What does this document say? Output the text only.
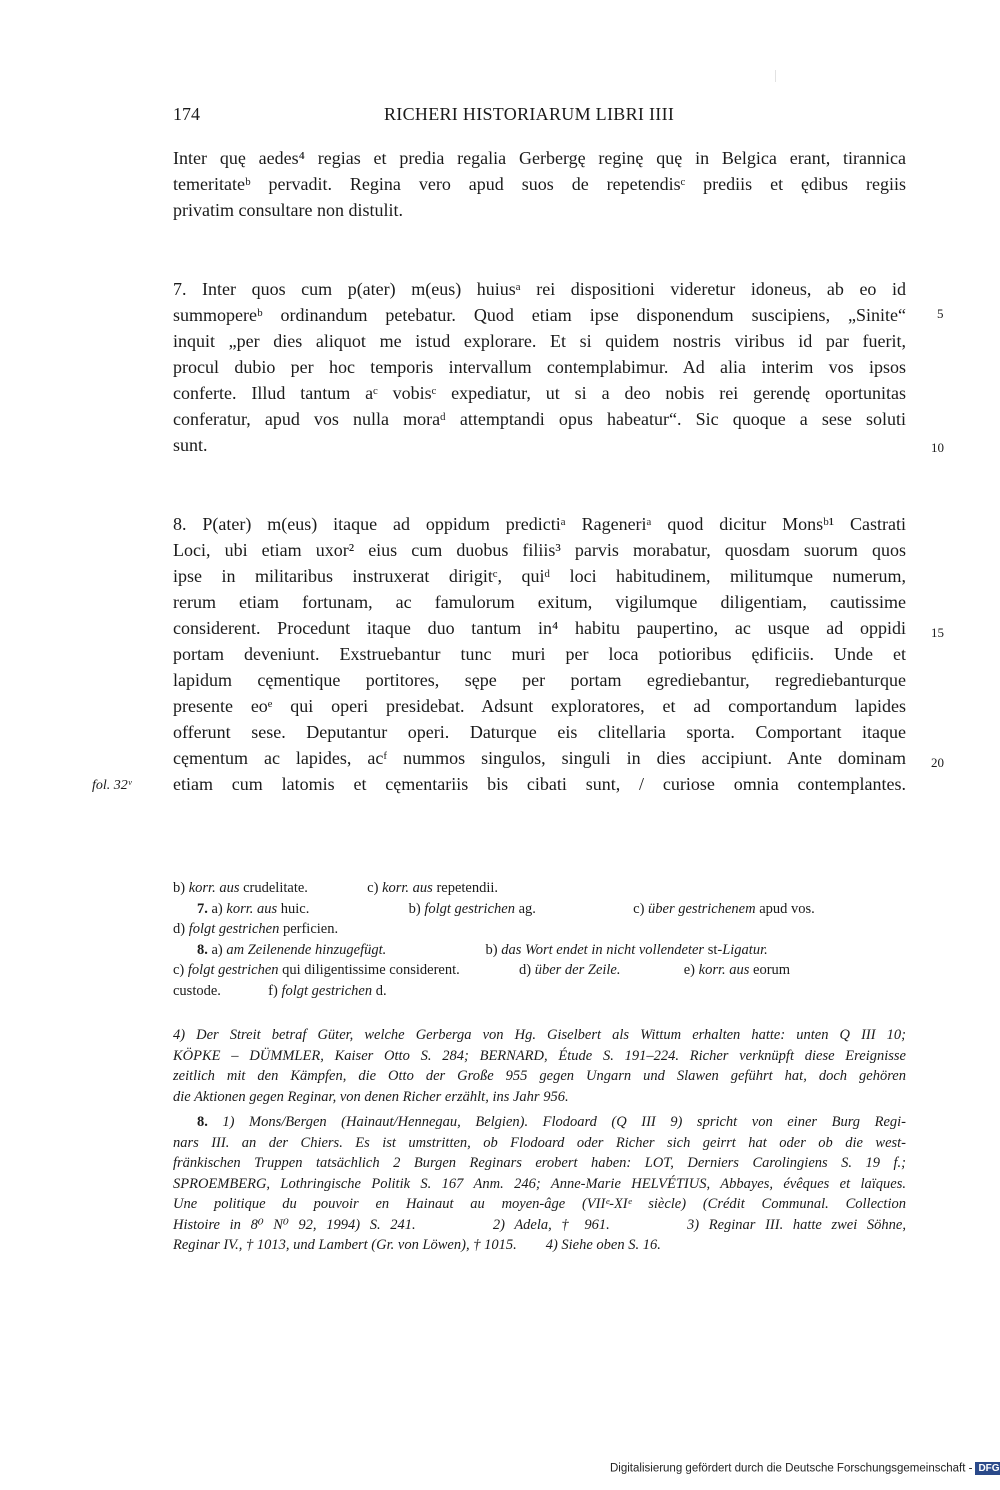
174	RICHERI HISTORIARUM LIBRI IIII
Inter quę aedes⁴ regias et predia regalia Gerbergę reginę quę in Belgica erant, tirannica
temeritateᵇ pervadit. Regina vero apud suos de repetendisᶜ prediis et ędibus regiis
privatim consultare non distulit.
7. Inter quos cum p(ater) m(eus) huiusᵃ rei dispositioni videretur idoneus, ab eo id
summopereᵇ ordinandum petebatur. Quod etiam ipse disponendum suscipiens, „Sinite“
inquit „per dies aliquot me istud explorare. Et si quidem nostris viribus id par fuerit,
procul dubio per hoc temporis intervallum contemplabimur. Ad alia interim vos ipsos
conferte. Illud tantum aᶜ vobisᶜ expediatur, ut si a deo nobis rei gerendę oportunitas
conferatur, apud vos nulla moraᵈ attemptandi opus habeatur“. Sic quoque a sese soluti
sunt.
8. P(ater) m(eus) itaque ad oppidum predictiᵃ Rageneriᵃ quod dicitur Monsᵇ¹ Castrati
Loci, ubi etiam uxor² eius cum duobus filiis³ parvis morabatur, quosdam suorum quos
ipse in militaribus instruxerat dirigitᶜ, quiᵈ loci habitudinem, militumque numerum,
rerum etiam fortunam, ac famulorum exitum, vigilumque diligentiam, cautissime
considerent. Procedunt itaque duo tantum in⁴ habitu paupertino, ac usque ad oppidi
portam deveniunt. Exstruebantur tunc muri per loca potioribus ędificiis. Unde et
lapidum cęmentique portitores, sępe per portam egrediebantur, regrediebanturque
presente eoᵉ qui operi presidebat. Adsunt exploratores, et ad comportandum lapides
offerunt sese. Deputantur operi. Daturque eis clitellaria sporta. Comportant itaque
cęmentum ac lapides, acᶠ nummos singulos, singuli in dies accipiunt. Ante dominam
etiam cum latomis et cęmentariis bis cibati sunt, / curiose omnia contemplantes.
5
10
15
20
fol. 32ᵛ
b) korr. aus crudelitate.	c) korr. aus repetendii.
7. a) korr. aus huic.	b) folgt gestrichen ag.	c) über gestrichenem apud vos.
d) folgt gestrichen perficien.
8. a) am Zeilenende hinzugefügt.	b) das Wort endet in nicht vollendeter st-Ligatur.
c) folgt gestrichen qui diligentissime considerent.	d) über der Zeile.	e) korr. aus eorum
custode.	f) folgt gestrichen d.
4) Der Streit betraf Güter, welche Gerberga von Hg. Giselbert als Wittum erhalten hatte: unten Q III 10;
KÖPKE – DÜMMLER, Kaiser Otto S. 284; BERNARD, Étude S. 191–224. Richer verknüpft diese Ereignisse
zeitlich mit den Kämpfen, die Otto der Große 955 gegen Ungarn und Slawen geführt hat, doch gehören
die Aktionen gegen Reginar, von denen Richer erzählt, ins Jahr 956.
8. 1) Mons/Bergen (Hainaut/Hennegau, Belgien). Flodoard (Q III 9) spricht von einer Burg Regi-
nars III. an der Chiers. Es ist umstritten, ob Flodoard oder Richer sich geirrt hat oder ob die west-
fränkischen Truppen tatsächlich 2 Burgen Reginars erobert haben: LOT, Derniers Carolingiens S. 19 f.;
SPROEMBERG, Lothringische Politik S. 167 Anm. 246; Anne-Marie HELVÉTIUS, Abbayes, évêques et laïques.
Une politique du pouvoir en Hainaut au moyen-âge (VIIᵉ-XIᵉ siècle) (Crédit Communal. Collection
Histoire in 8⁰ N⁰ 92, 1994) S. 241.        2) Adela, † 961.        3) Reginar III. hatte zwei Söhne,
Reginar IV., † 1013, und Lambert (Gr. von Löwen), † 1015.        4) Siehe oben S. 16.
Digitalisierung gefördert durch die Deutsche Forschungsgemeinschaft - DFG
